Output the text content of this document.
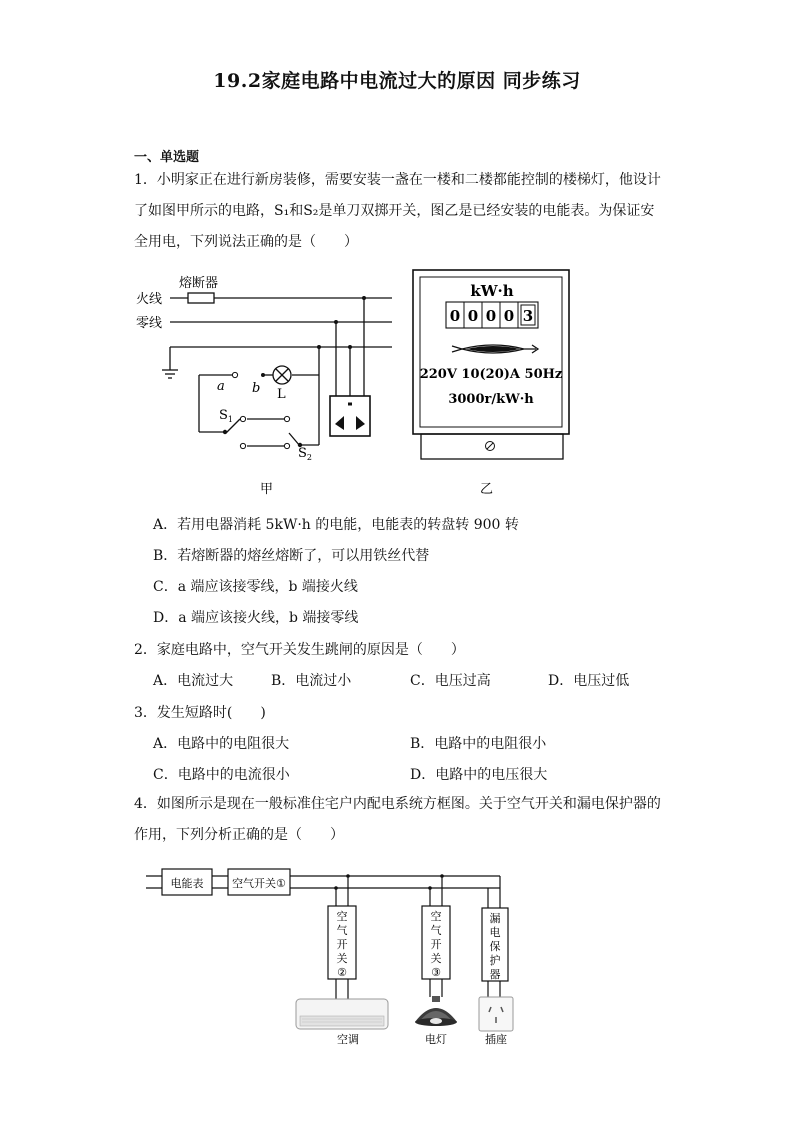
19.2家庭电路中电流过大的原因 同步练习
一、单选题
1．小明家正在进行新房装修，需要安装一盏在一楼和二楼都能控制的楼梯灯，他设计
了如图甲所示的电路，S₁和S₂是单刀双掷开关，图乙是已经安装的电能表。为保证安
全用电，下列说法正确的是（　　）
熔断器
火线
零线
a b L
$S_1$
$S_2$
甲
kW·h
0 0 0 0 3
220V 10(20)A 50Hz
3000r/kW·h
乙
A．若用电器消耗 5kW·h 的电能，电能表的转盘转 900 转
B．若熔断器的熔丝熔断了，可以用铁丝代替
C．a 端应该接零线，b 端接火线
D．a 端应该接火线，b 端接零线
2．家庭电路中，空气开关发生跳闸的原因是（　　）
A．电流过大	B．电流过小	C．电压过高	D．电压过低
3．发生短路时(　　)
A．电路中的电阻很大	B．电路中的电阻很小
C．电路中的电流很小	D．电路中的电压很大
4．如图所示是现在一般标准住宅户内配电系统方框图。关于空气开关和漏电保护器的
作用，下列分析正确的是（　　）
电能表	空气开关①
空
气
开
关
②
空
气
开
关
③
漏
电
保
护
器
空调	电灯	插座
